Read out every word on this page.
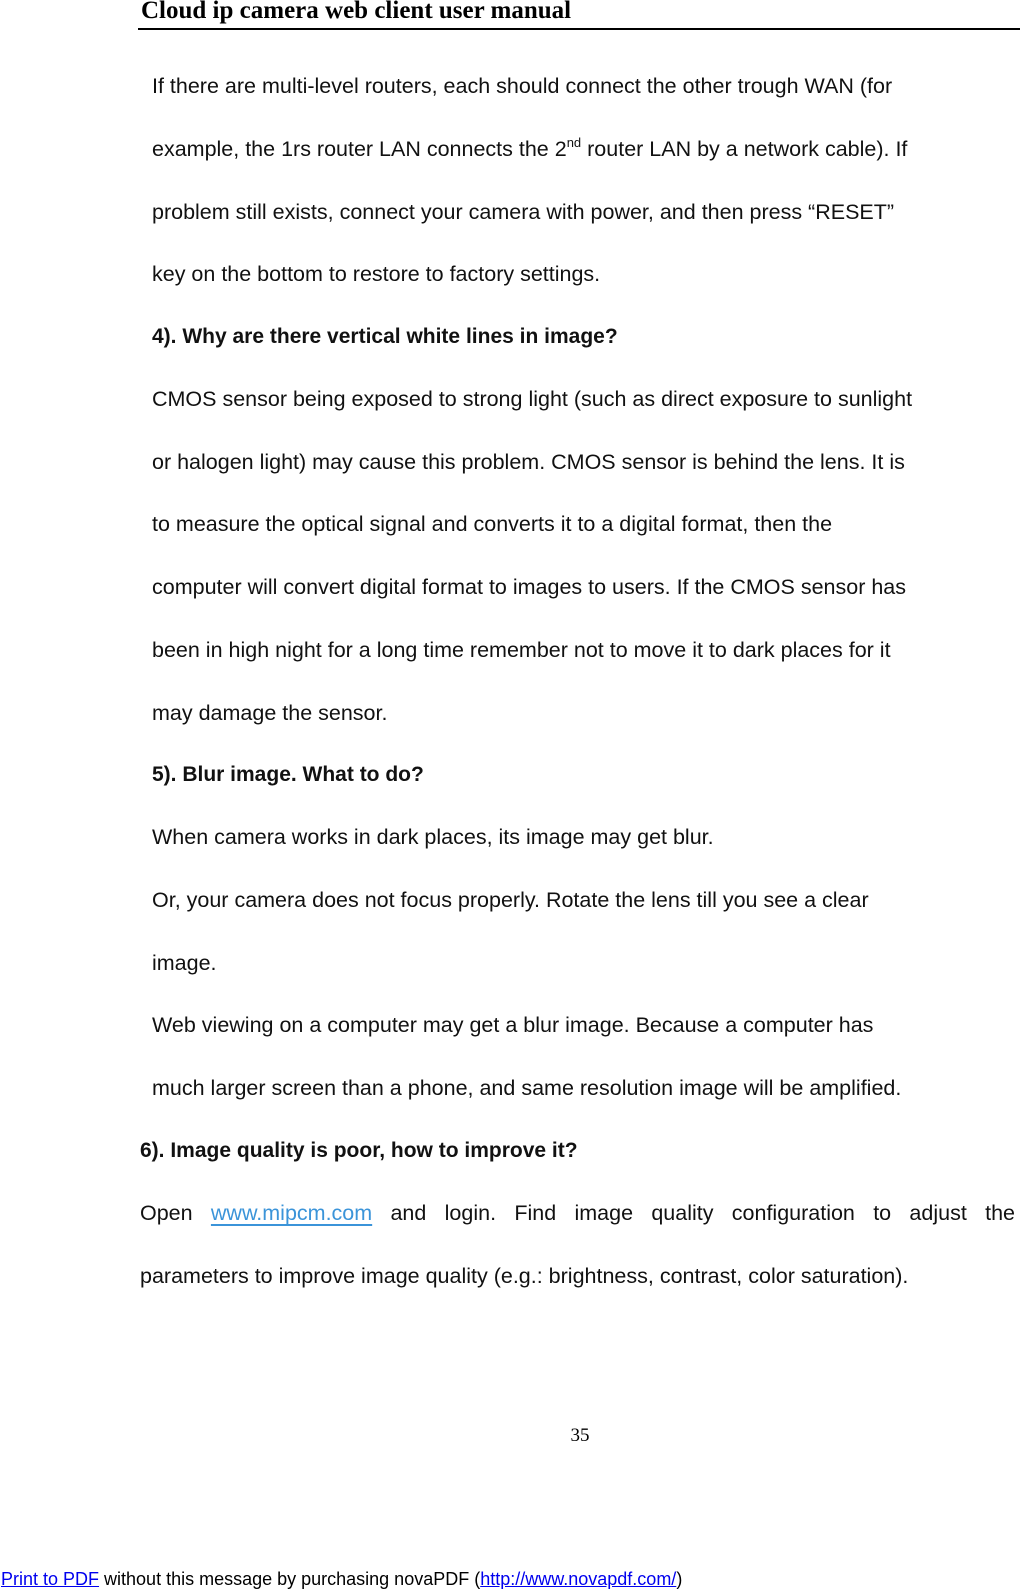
Cloud ip camera web client user manual
If there are multi-level routers, each should connect the other trough WAN (for
example, the 1rs router LAN connects the 2nd router LAN by a network cable). If
problem still exists, connect your camera with power, and then press “RESET”
key on the bottom to restore to factory settings.
4). Why are there vertical white lines in image?
CMOS sensor being exposed to strong light (such as direct exposure to sunlight
or halogen light) may cause this problem. CMOS sensor is behind the lens. It is
to measure the optical signal and converts it to a digital format, then the
computer will convert digital format to images to users. If the CMOS sensor has
been in high night for a long time remember not to move it to dark places for it
may damage the sensor.
5). Blur image. What to do?
When camera works in dark places, its image may get blur.
Or, your camera does not focus properly. Rotate the lens till you see a clear
image.
Web viewing on a computer may get a blur image. Because a computer has
much larger screen than a phone, and same resolution image will be amplified.
6). Image quality is poor, how to improve it?
Open www.mipcm.com and login. Find image quality configuration to adjust the
parameters to improve image quality (e.g.: brightness, contrast, color saturation).
35
Print to PDF without this message by purchasing novaPDF (http://www.novapdf.com/)
